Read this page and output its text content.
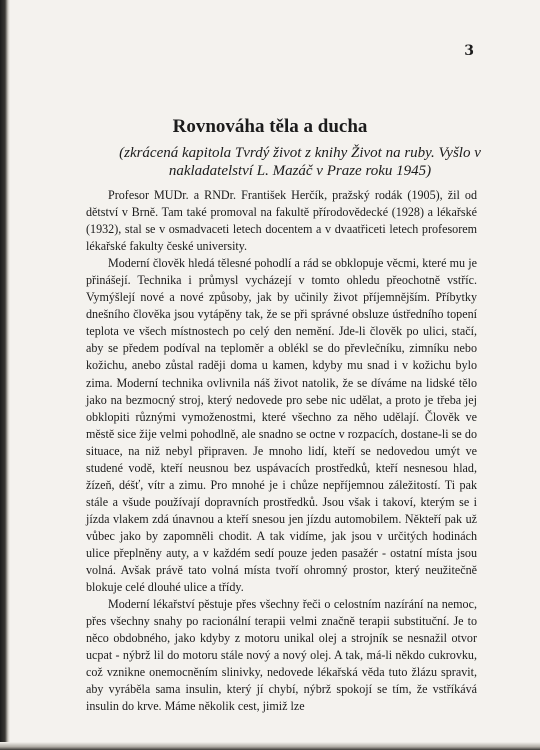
3
Rovnováha těla a ducha
(zkrácená kapitola Tvrdý život z knihy Život na ruby. Vyšlo v nakladatelství L. Mazáč v Praze roku 1945)

Profesor MUDr. a RNDr. František Herčík, pražský rodák (1905), žil od dětství v Brně. Tam také promoval na fakultě přírodovědecké (1928) a lékařské (1932), stal se v osmadvaceti letech docentem a v dvaatřiceti letech profesorem lékařské fakulty české university.

Moderní člověk hledá tělesné pohodlí a rád se obklopuje věcmi, které mu je přinášejí. Technika i průmysl vycházejí v tomto ohledu přeochotně vstříc. Vymýšlejí nové a nové způsoby, jak by učinily život příjemnějším. Příbytky dnešního člověka jsou vytápěny tak, že se při správné obsluze ústředního topení teplota ve všech místnostech po celý den nemění. Jde-li člověk po ulici, stačí, aby se předem podíval na teploměr a oblékl se do převlečníku, zimníku nebo kožichu, anebo zůstal raději doma u kamen, kdyby mu snad i v kožichu bylo zima. Moderní technika ovlivnila náš život natolik, že se díváme na lidské tělo jako na bezmocný stroj, který nedovede pro sebe nic udělat, a proto je třeba jej obklopiti různými vymoženostmi, které všechno za něho udělají. Člověk ve městě sice žije velmi pohodlně, ale snadno se octne v rozpacích, dostane-li se do situace, na niž nebyl připraven. Je mnoho lidí, kteří se nedovedou umýt ve studené vodě, kteří neusnou bez uspávacích prostředků, kteří nesnesou hlad, žízeň, déšť, vítr a zimu. Pro mnohé je i chůze nepříjemnou záležitostí. Ti pak stále a všude používají dopravních prostředků. Jsou však i takoví, kterým se i jízda vlakem zdá únavnou a kteří snesou jen jízdu automobilem. Někteří pak už vůbec jako by zapomněli chodit. A tak vidíme, jak jsou v určitých hodinách ulice přeplněny auty, a v každém sedí pouze jeden pasažér - ostatní místa jsou volná. Avšak právě tato volná místa tvoří ohromný prostor, který neužitečně blokuje celé dlouhé ulice a třídy.

Moderní lékařství pěstuje přes všechny řeči o celostním nazírání na nemoc, přes všechny snahy po racionální terapii velmi značně terapii substituční. Je to něco obdobného, jako kdyby z motoru unikal olej a strojník se nesnažil otvor ucpat - nýbrž lil do motoru stále nový a nový olej. A tak, má-li někdo cukrovku, což vznikne onemocněním slinivky, nedovede lékařská věda tuto žlázu spravit, aby vyráběla sama insulin, který jí chybí, nýbrž spokojí se tím, že vstříkává insulin do krve. Máme několik cest, jimiž lze
